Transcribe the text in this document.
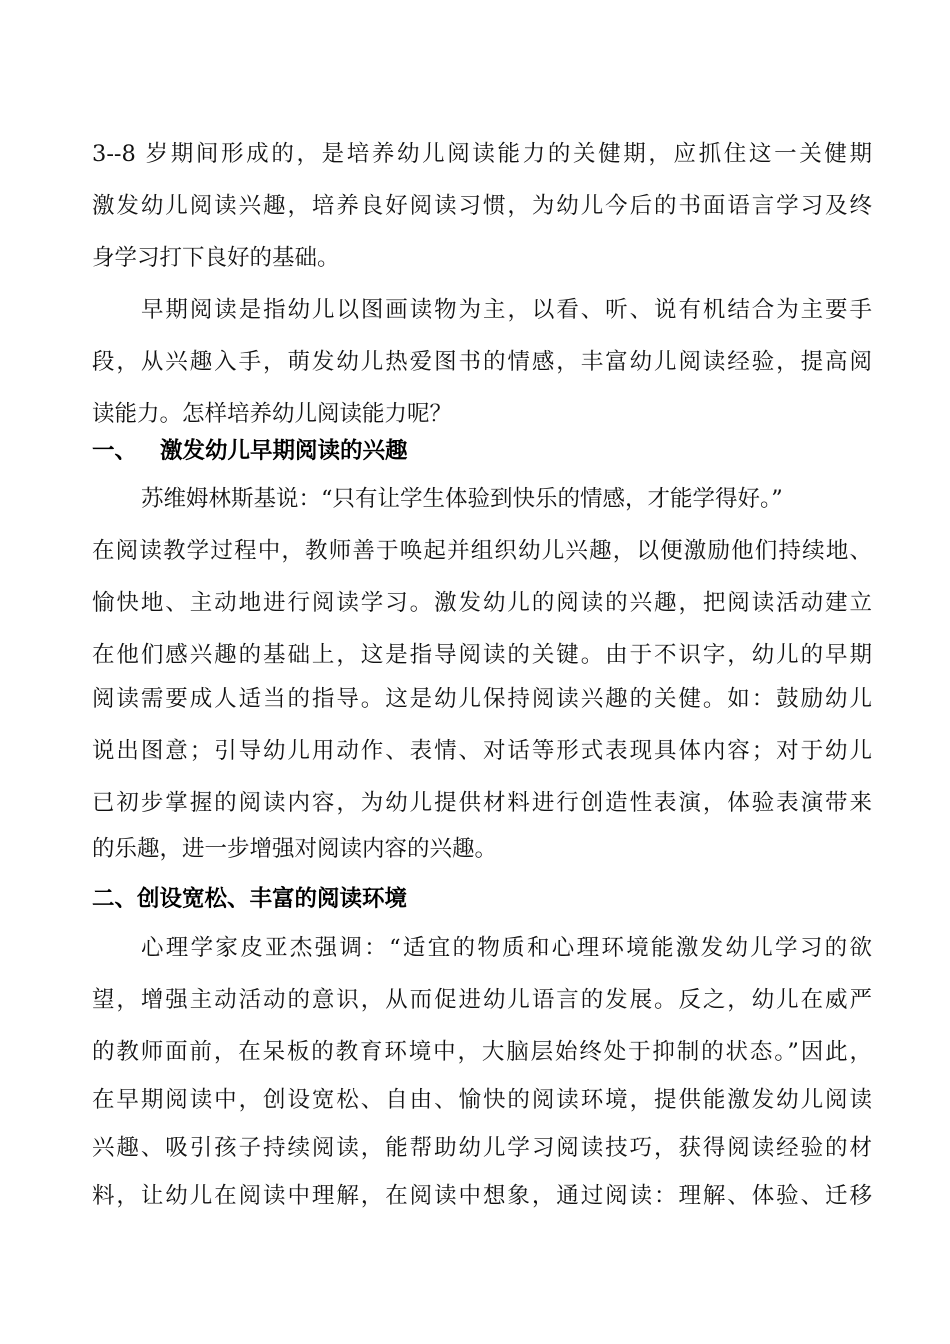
3--8 岁期间形成的，是培养幼儿阅读能力的关健期，应抓住这一关健期
激发幼儿阅读兴趣，培养良好阅读习惯，为幼儿今后的书面语言学习及终
身学习打下良好的基础。
早期阅读是指幼儿以图画读物为主，以看、听、说有机结合为主要手
段，从兴趣入手，萌发幼儿热爱图书的情感，丰富幼儿阅读经验，提高阅
读能力。怎样培养幼儿阅读能力呢？
一、 激发幼儿早期阅读的兴趣
苏维姆林斯基说：“只有让学生体验到快乐的情感，才能学得好。”
在阅读教学过程中，教师善于唤起并组织幼儿兴趣，以便激励他们持续地、
愉快地、主动地进行阅读学习。激发幼儿的阅读的兴趣，把阅读活动建立
在他们感兴趣的基础上，这是指导阅读的关键。由于不识字，幼儿的早期
阅读需要成人适当的指导。这是幼儿保持阅读兴趣的关健。如：鼓励幼儿
说出图意；引导幼儿用动作、表情、对话等形式表现具体内容；对于幼儿
已初步掌握的阅读内容，为幼儿提供材料进行创造性表演，体验表演带来
的乐趣，进一步增强对阅读内容的兴趣。
二、创设宽松、丰富的阅读环境
心理学家皮亚杰强调：“适宜的物质和心理环境能激发幼儿学习的欲
望，增强主动活动的意识，从而促进幼儿语言的发展。反之，幼儿在威严
的教师面前，在呆板的教育环境中，大脑层始终处于抑制的状态。”因此，
在早期阅读中，创设宽松、自由、愉快的阅读环境，提供能激发幼儿阅读
兴趣、吸引孩子持续阅读，能帮助幼儿学习阅读技巧，获得阅读经验的材
料，让幼儿在阅读中理解，在阅读中想象，通过阅读：理解、体验、迁移
